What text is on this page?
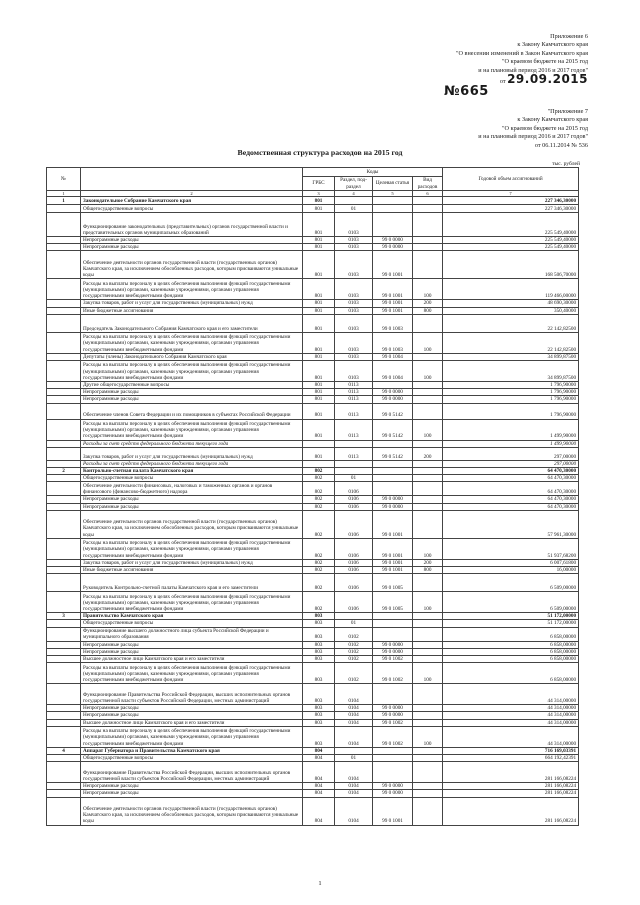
Приложение 6
к Закону Камчатского края
"О внесении изменений в Закон Камчатского края
"О краевом бюджете на 2015 год
и на плановый период 2016 и 2017 годов"
от 29.09.2015
№665
"Приложение 7
к Закону Камчатского края
"О краевом бюджете на 2015 год
и на плановый период 2016 и 2017 годов"
от 06.11.2014 № 536
Ведомственная структура расходов на 2015 год
тыс. рублей
№		Коды				Годовой объем ассигнований
		ГРБС	Раздел, под-раздел	Целевая статья	Вид расходов	
1	2	3	4	5	6	7
1	Законодательное Собрание Камчатского края	801				227 346,30000
	Общегосударственные вопросы	801	01			227 346,30000
	Функционирование законодательных (представительных) органов государственной власти и представительных органов муниципальных образований	801	0103			225 549,40000
	Непрограммные расходы	801	0103	99 0 0000		225 549,40000
	Непрограммные расходы	801	0103	99 0 0000		225 549,40000
	Обеспечение деятельности органов государственной власти (государственных органов) Камчатского края, за исключением обособленных расходов, которым присваиваются уникальные коды	801	0103	99 0 1001		168 506,70000
	Расходы на выплаты персоналу в целях обеспечения выполнения функций государственными (муниципальными) органами, казенными учреждениями, органами управления государственными внебюджетными фондами	801	0103	99 0 1001	100	119 466,00000
	Закупка товаров, работ и услуг для государственных (муниципальных) нужд	801	0103	99 0 1001	200	48 690,30000
	Иные бюджетные ассигнования	801	0103	99 0 1001	800	350,40000
	Председатель Законодательного Собрания Камчатского края и его заместители	801	0103	99 0 1003		22 142,82500
	Расходы на выплаты персоналу в целях обеспечения выполнения функций государственными (муниципальными) органами, казенными учреждениями, органами управления государственными внебюджетными фондами	801	0103	99 0 1003	100	22 142,82500
	Депутаты (члены) Законодательного Собрания Камчатского края	801	0103	99 0 1004		34 899,87500
	Расходы на выплаты персоналу в целях обеспечения выполнения функций государственными (муниципальными) органами, казенными учреждениями, органами управления государственными внебюджетными фондами	801	0103	99 0 1004	100	34 899,87500
	Другие общегосударственные вопросы	801	0113			1 796,90000
	Непрограммные расходы	801	0113	99 0 0000		1 796,90000
	Непрограммные расходы	801	0113	99 0 0000		1 796,90000
	Обеспечение членов Совета Федерации и их помощников в субъектах Российской Федерации	801	0113	99 0 5142		1 796,90000
	Расходы на выплаты персоналу в целях обеспечения выполнения функций государственными (муниципальными) органами, казенными учреждениями, органами управления государственными внебюджетными фондами	801	0113	99 0 5142	100	1 499,90000
	Расходы за счет средств федерального бюджета текущего года					1 499,90000
	Закупка товаров, работ и услуг для государственных (муниципальных) нужд	801	0113	99 0 5142	200	297,00000
	Расходы за счет средств федерального бюджета текущего года					297,00000
2	Контрольно-счетная палата Камчатского края	802				64 470,30000
	Общегосударственные вопросы	802	01			64 470,30000
	Обеспечение деятельности финансовых, налоговых и таможенных органов и органов финансового (финансово-бюджетного) надзора	802	0106			64 470,30000
	Непрограммные расходы	802	0106	99 0 0000		64 470,30000
	Непрограммные расходы	802	0106	99 0 0000		64 470,30000
	Обеспечение деятельности органов государственной власти (государственных органов) Камчатского края, за исключением обособленных расходов, которым присваиваются уникальные коды	802	0106	99 0 1001		57 961,30000
	Расходы на выплаты персоналу в целях обеспечения выполнения функций государственными (муниципальными) органами, казенными учреждениями, органами управления государственными внебюджетными фондами	802	0106	99 0 1001	100	51 937,68200
	Закупка товаров, работ и услуг для государственных (муниципальных) нужд	802	0106	99 0 1001	200	6 007,61800
	Иные бюджетные ассигнования	802	0106	99 0 1001	800	16,00000
	Руководитель Контрольно-счетной палаты Камчатского края и его заместители	802	0106	99 0 1005		6 509,00000
	Расходы на выплаты персоналу в целях обеспечения выполнения функций государственными (муниципальными) органами, казенными учреждениями, органами управления государственными внебюджетными фондами	802	0106	99 0 1005	100	6 509,00000
3	Правительство Камчатского края	803				51 172,00000
	Общегосударственные вопросы	803	01			51 172,00000
	Функционирование высшего должностного лица субъекта Российской Федерации и муниципального образования	803	0102			6 858,00000
	Непрограммные расходы	803	0102	99 0 0000		6 858,00000
	Непрограммные расходы	803	0102	99 0 0000		6 858,00000
	Высшее должностное лицо Камчатского края и его заместители	803	0102	99 0 1002		6 858,00000
	Расходы на выплаты персоналу в целях обеспечения выполнения функций государственными (муниципальными) органами, казенными учреждениями, органами управления государственными внебюджетными фондами	803	0102	99 0 1002	100	6 858,00000
	Функционирование Правительства Российской Федерации, высших исполнительных органов государственной власти субъектов Российской Федерации, местных администраций	803	0104			44 314,00000
	Непрограммные расходы	803	0104	99 0 0000		44 314,00000
	Непрограммные расходы	803	0104	99 0 0000		44 314,00000
	Высшее должностное лицо Камчатского края и его заместители	803	0104	99 0 1002		44 314,00000
	Расходы на выплаты персоналу в целях обеспечения выполнения функций государственными (муниципальными) органами, казенными учреждениями, органами управления государственными внебюджетными фондами	803	0104	99 0 1002	100	44 314,00000
4	Аппарат Губернатора и Правительства Камчатского края	804				716 169,03391
	Общегосударственные вопросы	804	01			664 192,42391
	Функционирование Правительства Российской Федерации, высших исполнительных органов государственной власти субъектов Российской Федерации, местных администраций	804	0104			281 166,08224
	Непрограммные расходы	804	0104	99 0 0000		281 166,08224
	Непрограммные расходы	804	0104	99 0 0000		281 166,08224
	Обеспечение деятельности органов государственной власти (государственных органов) Камчатского края, за исключением обособленных расходов, которым присваиваются уникальные коды	804	0104	99 0 1001		281 166,08224
1
